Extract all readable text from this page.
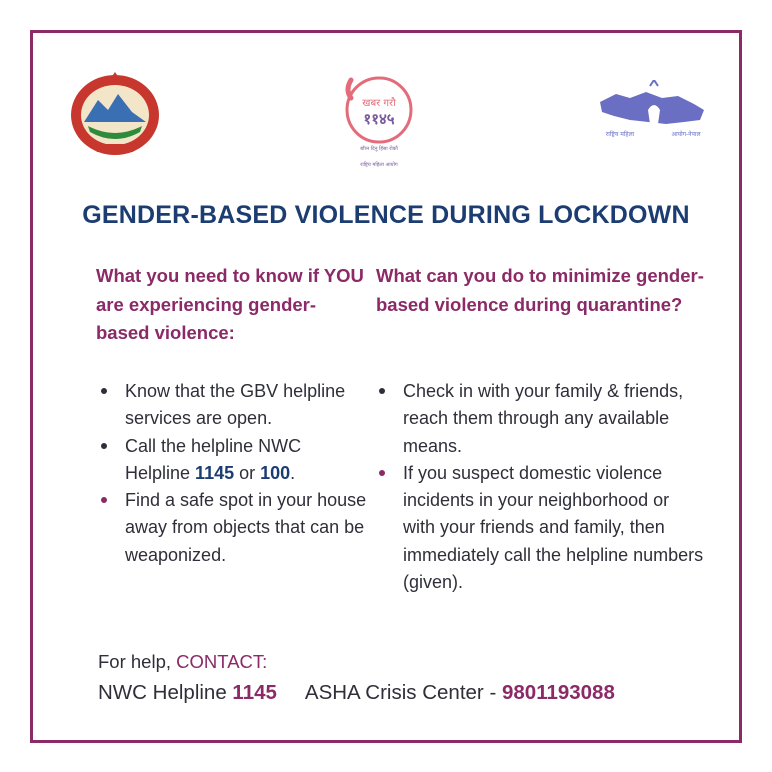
खबर गरौ
११४५
बाँच्न दिनु हिंसा रोकौ
राष्ट्रिय महिला आयोग
राष्ट्रिय महिला	आयोग-नेपाल
GENDER-BASED VIOLENCE DURING LOCKDOWN
What you need to know if YOU are experiencing gender-based violence:
What can you do to minimize gender-based violence during quarantine?
Know that the GBV helpline services are open.
Call the helpline NWC Helpline 1145 or 100.
Find a safe spot in your house away from objects that can be weaponized.
Check in with your family & friends, reach them through any available means.
If you suspect domestic violence incidents in your neighborhood or with your friends and family, then immediately call the helpline numbers (given).
For help, CONTACT:
NWC Helpline 1145 ASHA Crisis Center - 9801193088
